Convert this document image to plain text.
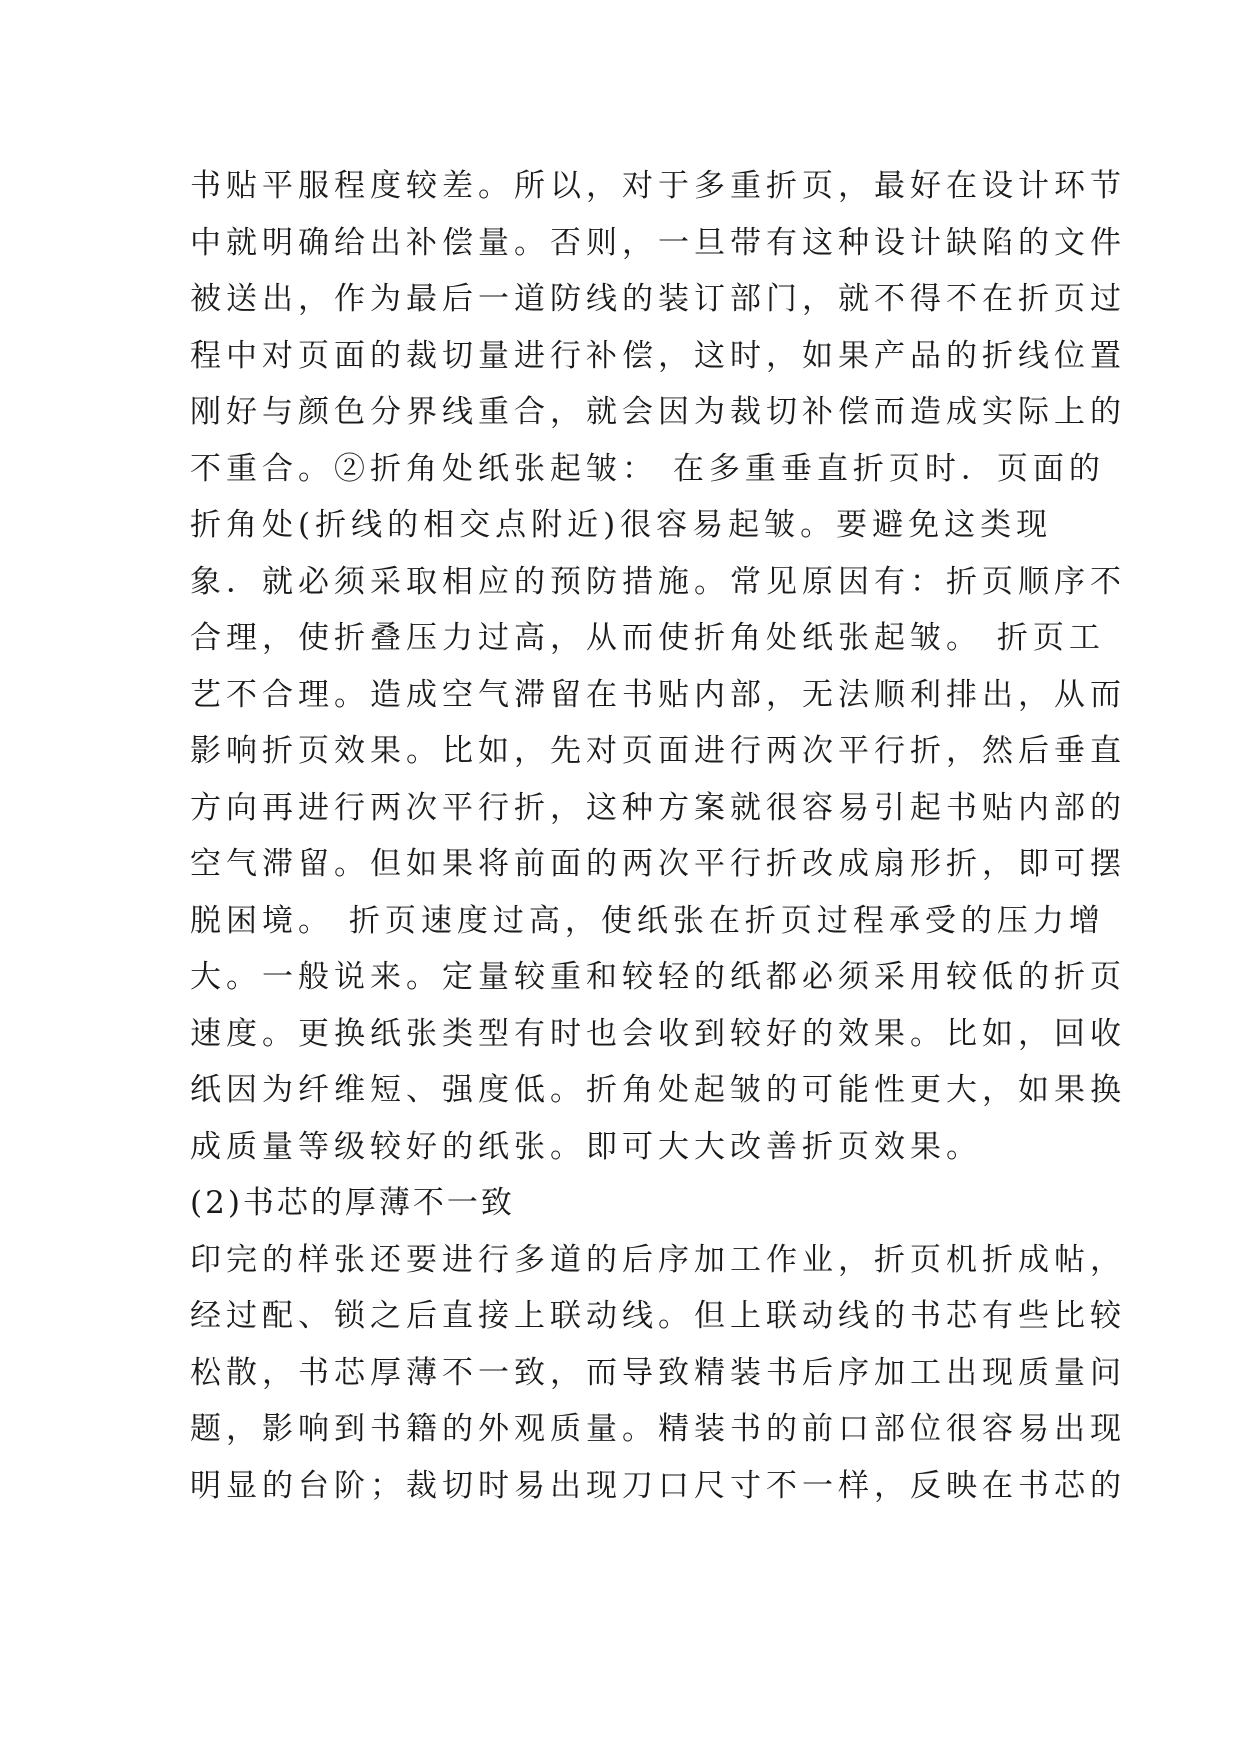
书贴平服程度较差。所以，对于多重折页，最好在设计环节
中就明确给出补偿量。否则，一旦带有这种设计缺陷的文件
被送出，作为最后一道防线的装订部门，就不得不在折页过
程中对页面的裁切量进行补偿，这时，如果产品的折线位置
刚好与颜色分界线重合，就会因为裁切补偿而造成实际上的
不重合。②折角处纸张起皱： 在多重垂直折页时．页面的
折角处(折线的相交点附近)很容易起皱。要避免这类现
象．就必须采取相应的预防措施。常见原因有：折页顺序不
合理，使折叠压力过高，从而使折角处纸张起皱。 折页工
艺不合理。造成空气滞留在书贴内部，无法顺利排出，从而
影响折页效果。比如，先对页面进行两次平行折，然后垂直
方向再进行两次平行折，这种方案就很容易引起书贴内部的
空气滞留。但如果将前面的两次平行折改成扇形折，即可摆
脱困境。 折页速度过高，使纸张在折页过程承受的压力增
大。一般说来。定量较重和较轻的纸都必须采用较低的折页
速度。更换纸张类型有时也会收到较好的效果。比如，回收
纸因为纤维短、强度低。折角处起皱的可能性更大，如果换
成质量等级较好的纸张。即可大大改善折页效果。
(2)书芯的厚薄不一致
印完的样张还要进行多道的后序加工作业，折页机折成帖，
经过配、锁之后直接上联动线。但上联动线的书芯有些比较
松散，书芯厚薄不一致，而导致精装书后序加工出现质量问
题，影响到书籍的外观质量。精装书的前口部位很容易出现
明显的台阶；裁切时易出现刀口尺寸不一样，反映在书芯的
